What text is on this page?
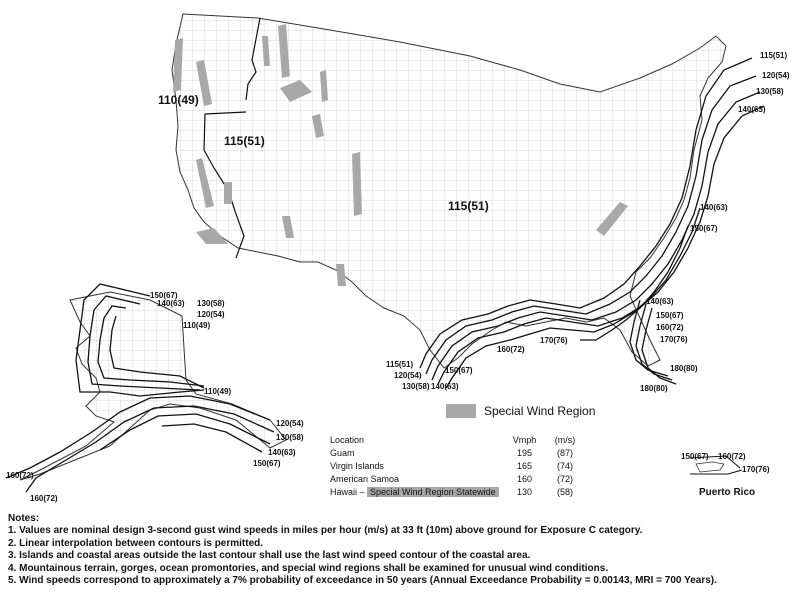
110(49)
115(51)
115(51)
115(51)
120(54)
130(58)
140(63)
140(63)
150(67)
115(51)
120(54)
130(58) 140(63)
150(67)
160(72)
170(76)
140(63)
150(67)
160(72)
170(76)
180(80)
180(80)
150(67)
140(63) 130(58)
120(54)
110(49)
110(49)
120(54)
130(58)
140(63)
150(67)
160(72)
160(72)
150(67) 160(72)
170(76)
Special Wind Region
Location	Vmph	(m/s)
Guam	195	(87)
Virgin Islands	165	(74)
American Samoa	160	(72)
Hawaii – Special Wind Region Statewide	130	(58)	Puerto Rico
Notes:
1. Values are nominal design 3-second gust wind speeds in miles per hour (m/s) at 33 ft (10m) above ground for Exposure C category.
2. Linear interpolation between contours is permitted.
3. Islands and coastal areas outside the last contour shall use the last wind speed contour of the coastal area.
4. Mountainous terrain, gorges, ocean promontories, and special wind regions shall be examined for unusual wind conditions.
5. Wind speeds correspond to approximately a 7% probability of exceedance in 50 years (Annual Exceedance Probability = 0.00143, MRI = 700 Years).
